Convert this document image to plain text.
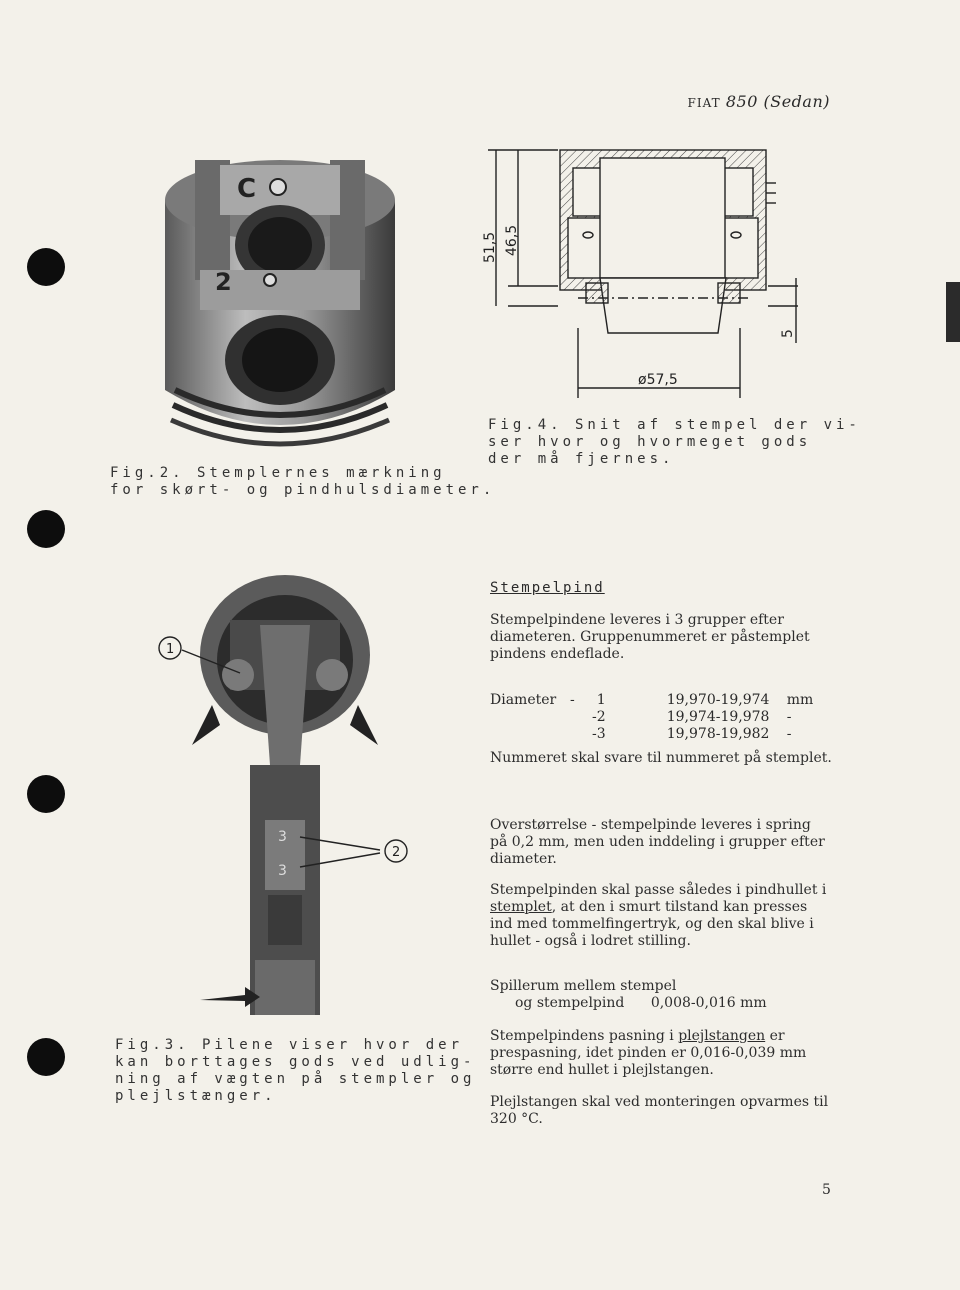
FIAT 850 (Sedan)
C
2
Fig.2. Stemplernes mærkning
for skørt- og pindhulsdiameter.
51,5 46,5
5
ø57,5
Fig.4. Snit af stempel der vi-
ser hvor og hvormeget gods
der må fjernes.
3
3
1
2
Fig.3. Pilene viser hvor der
kan borttages gods ved udlig-
ning af vægten på stempler og
plejlstænger.
Stempelpind
Stempelpindene leveres i 3 grupper efter diameteren. Gruppenummeret er påstemplet pindens endeflade.
Diameter	-	1	19,970-19,974	mm
	-	2	19,974-19,978	-
	-	3	19,978-19,982	-
Nummeret skal svare til nummeret på stemplet.
Overstørrelse - stempelpinde leveres i spring på 0,2 mm, men uden inddeling i grupper efter diameter.
Stempelpinden skal passe således i pindhullet i stemplet, at den i smurt tilstand kan presses ind med tommelfingertryk, og den skal blive i hullet - også i lodret stilling.
Spillerum mellem stempel
og stempelpind 0,008-0,016 mm
Stempelpindens pasning i plejlstangen er prespasning, idet pinden er 0,016-0,039 mm større end hullet i plejlstangen.
Plejlstangen skal ved monteringen opvarmes til 320 °C.
5
